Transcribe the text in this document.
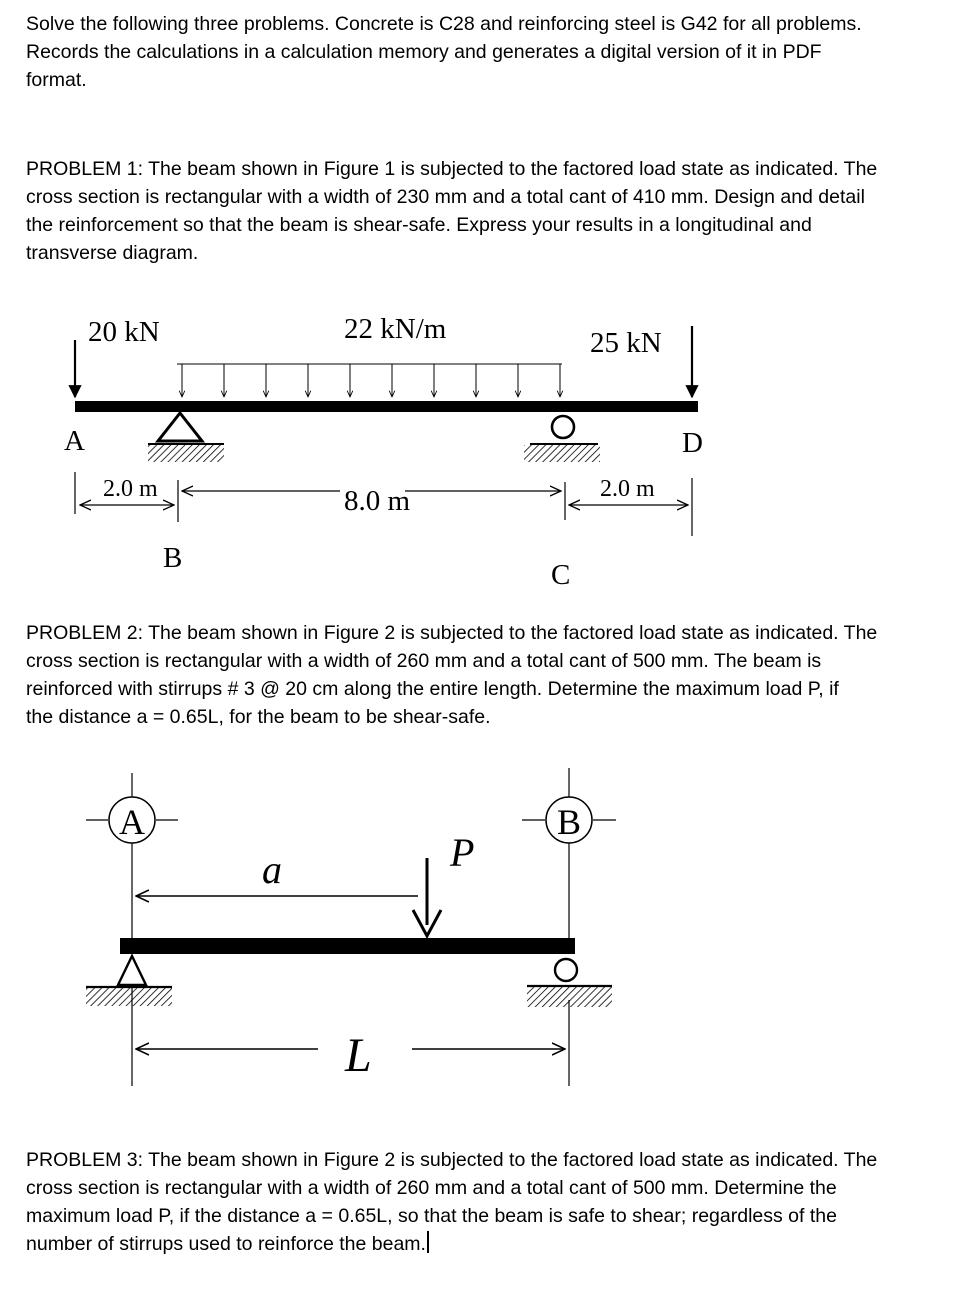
Solve the following three problems. Concrete is C28 and reinforcing steel is G42 for all problems.
Records the calculations in a calculation memory and generates a digital version of it in PDF
format.
PROBLEM 1: The beam shown in Figure 1 is subjected to the factored load state as indicated. The
cross section is rectangular with a width of 230 mm and a total cant of 410 mm. Design and detail
the reinforcement so that the beam is shear-safe. Express your results in a longitudinal and
transverse diagram.
20 kN	25 kN
22 kN/m
A	D
B
C
2.0 m	8.0 m	2.0 m
PROBLEM 2: The beam shown in Figure 2 is subjected to the factored load state as indicated. The
cross section is rectangular with a width of 260 mm and a total cant of 500 mm. The beam is
reinforced with stirrups # 3 @ 20 cm along the entire length. Determine the maximum load P, if
the distance a = 0.65L, for the beam to be shear-safe.
A	B
a	P
L
PROBLEM 3: The beam shown in Figure 2 is subjected to the factored load state as indicated. The
cross section is rectangular with a width of 260 mm and a total cant of 500 mm. Determine the
maximum load P, if the distance a = 0.65L, so that the beam is safe to shear; regardless of the
number of stirrups used to reinforce the beam.
